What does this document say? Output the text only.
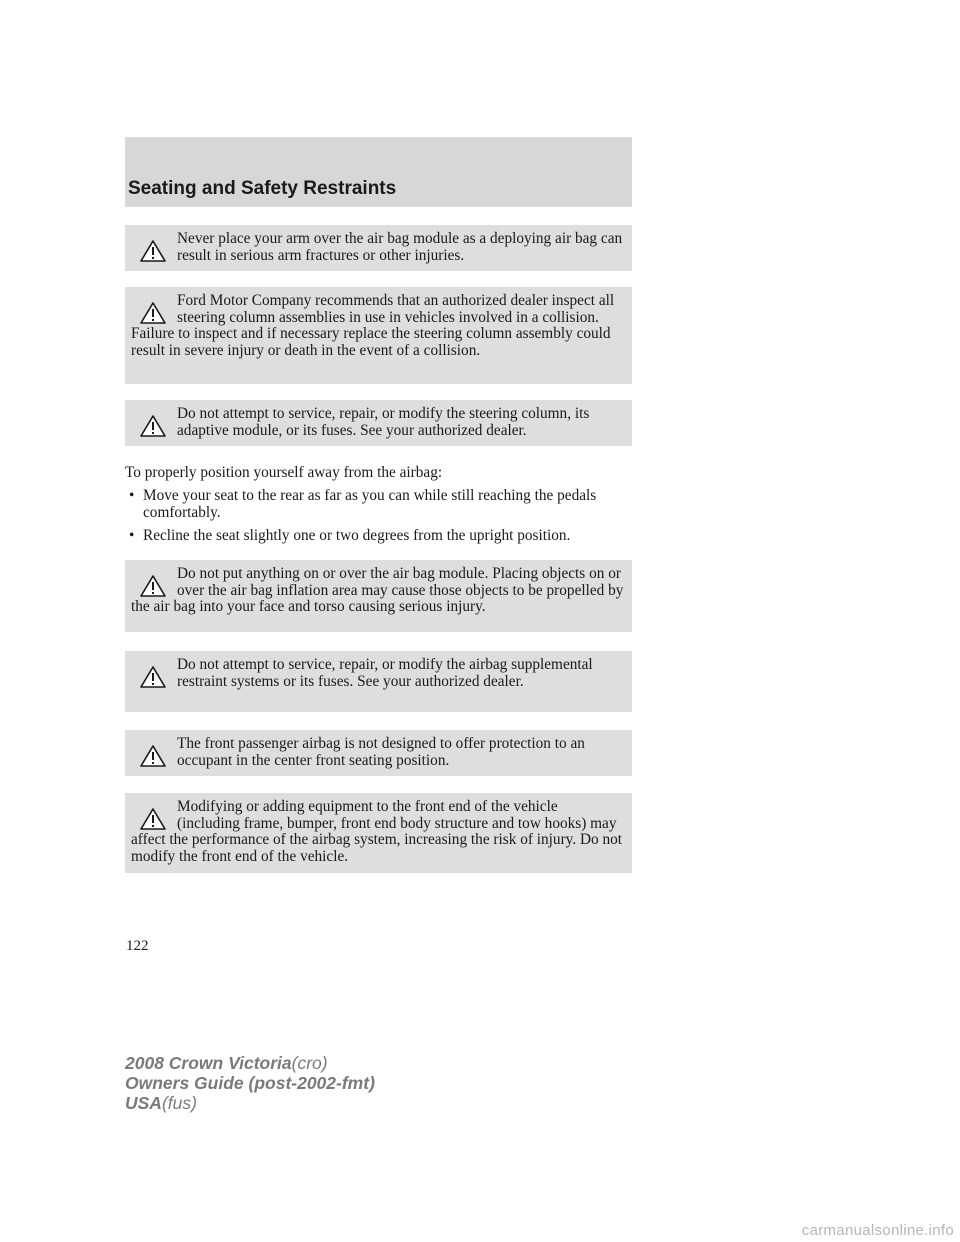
Seating and Safety Restraints

Never place your arm over the air bag module as a deploying air bag can result in serious arm fractures or other injuries.

Ford Motor Company recommends that an authorized dealer inspect all steering column assemblies in use in vehicles involved in a collision. Failure to inspect and if necessary replace the steering column assembly could result in severe injury or death in the event of a collision.

Do not attempt to service, repair, or modify the steering column, its adaptive module, or its fuses. See your authorized dealer.

To properly position yourself away from the airbag:

• Move your seat to the rear as far as you can while still reaching the pedals comfortably.
• Recline the seat slightly one or two degrees from the upright position.

Do not put anything on or over the air bag module. Placing objects on or over the air bag inflation area may cause those objects to be propelled by the air bag into your face and torso causing serious injury.

Do not attempt to service, repair, or modify the airbag supplemental restraint systems or its fuses. See your authorized dealer.

The front passenger airbag is not designed to offer protection to an occupant in the center front seating position.

Modifying or adding equipment to the front end of the vehicle (including frame, bumper, front end body structure and tow hooks) may affect the performance of the airbag system, increasing the risk of injury. Do not modify the front end of the vehicle.

122

2008 Crown Victoria(cro)
Owners Guide (post-2002-fmt)
USA(fus)
carmanualsonline.info
